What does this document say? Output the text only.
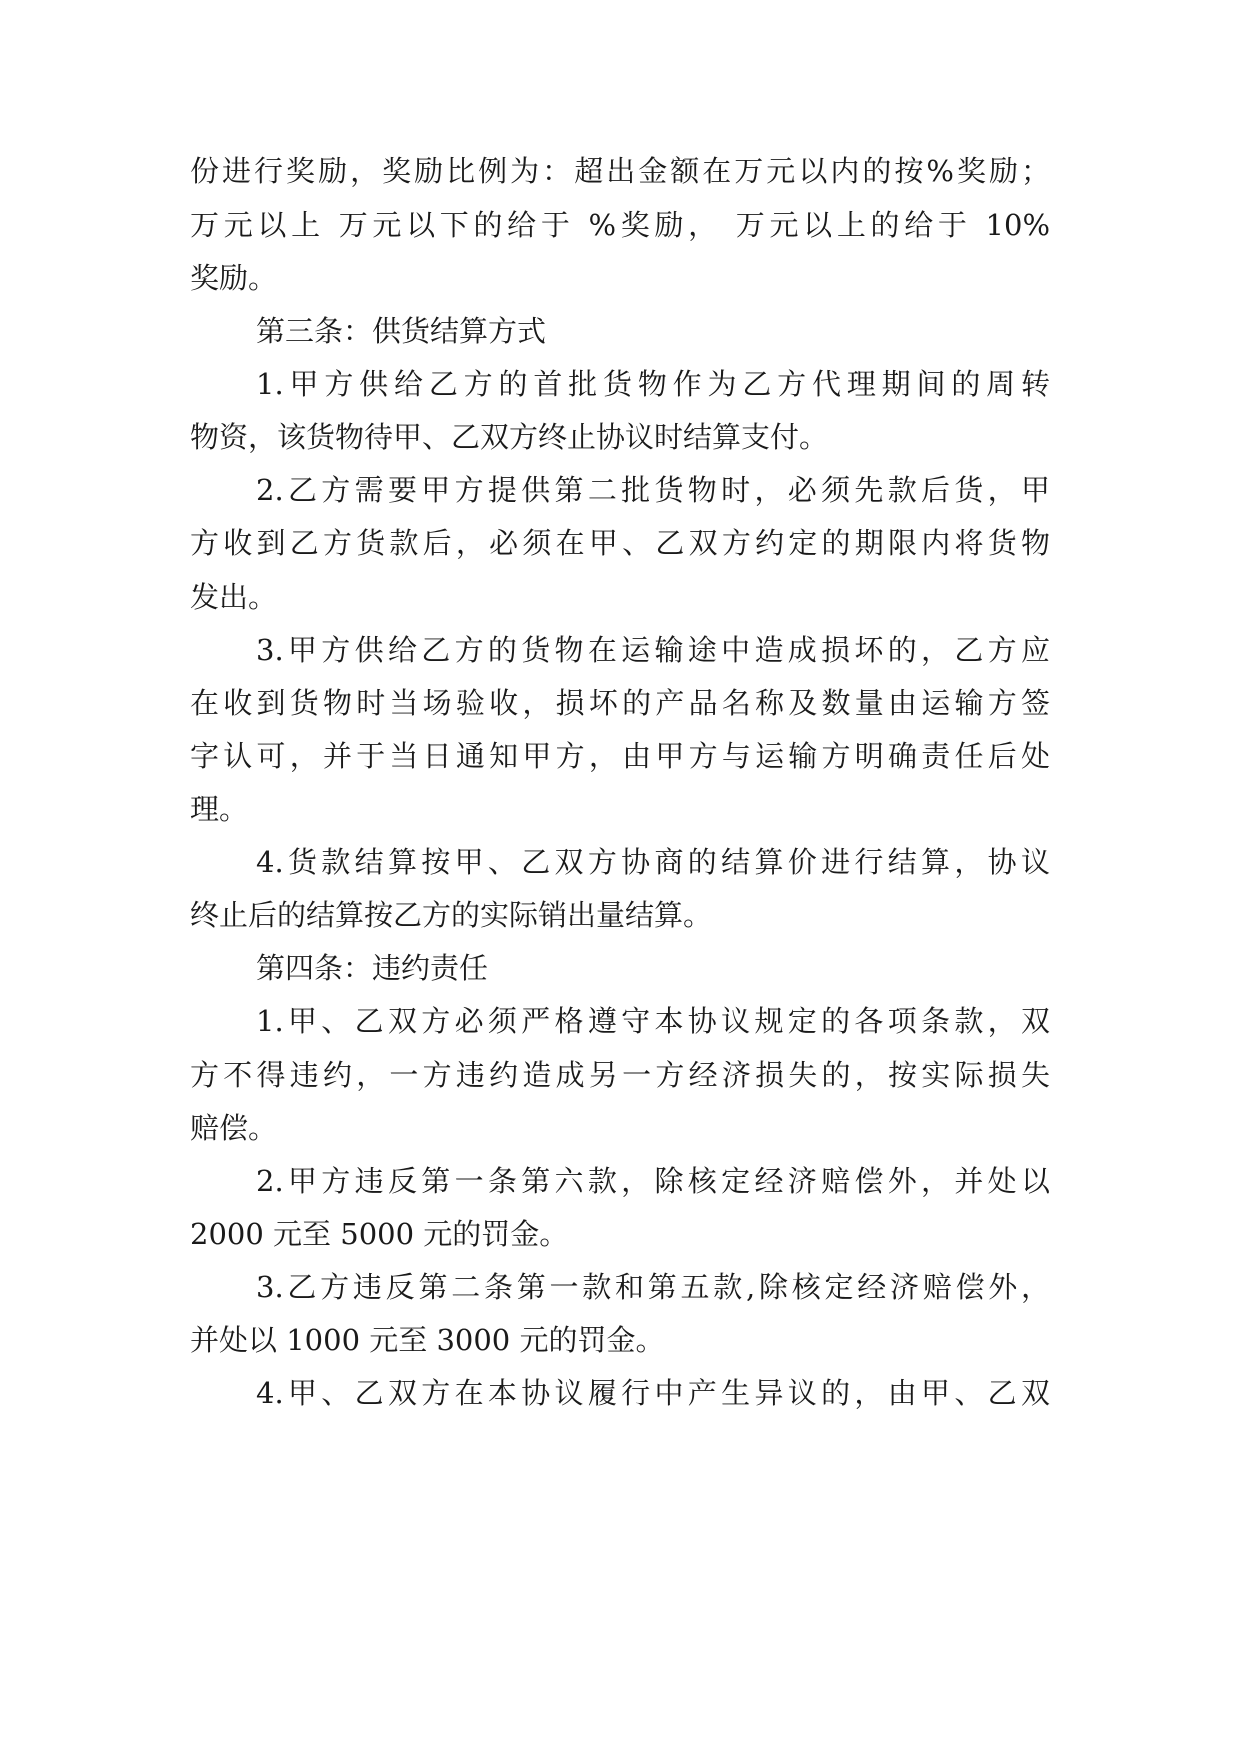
份进行奖励，奖励比例为：超出金额在万元以内的按%奖励；
万元以上 万元以下的给于 %奖励， 万元以上的给于 10%
奖励。
第三条：供货结算方式
1.甲方供给乙方的首批货物作为乙方代理期间的周转
物资，该货物待甲、乙双方终止协议时结算支付。
2.乙方需要甲方提供第二批货物时，必须先款后货，甲
方收到乙方货款后，必须在甲、乙双方约定的期限内将货物
发出。
3.甲方供给乙方的货物在运输途中造成损坏的，乙方应
在收到货物时当场验收，损坏的产品名称及数量由运输方签
字认可，并于当日通知甲方，由甲方与运输方明确责任后处
理。
4.货款结算按甲、乙双方协商的结算价进行结算，协议
终止后的结算按乙方的实际销出量结算。
第四条：违约责任
1.甲、乙双方必须严格遵守本协议规定的各项条款，双
方不得违约，一方违约造成另一方经济损失的，按实际损失
赔偿。
2.甲方违反第一条第六款，除核定经济赔偿外，并处以
2000 元至 5000 元的罚金。
3.乙方违反第二条第一款和第五款,除核定经济赔偿外，
并处以 1000 元至 3000 元的罚金。
4.甲、乙双方在本协议履行中产生异议的，由甲、乙双
